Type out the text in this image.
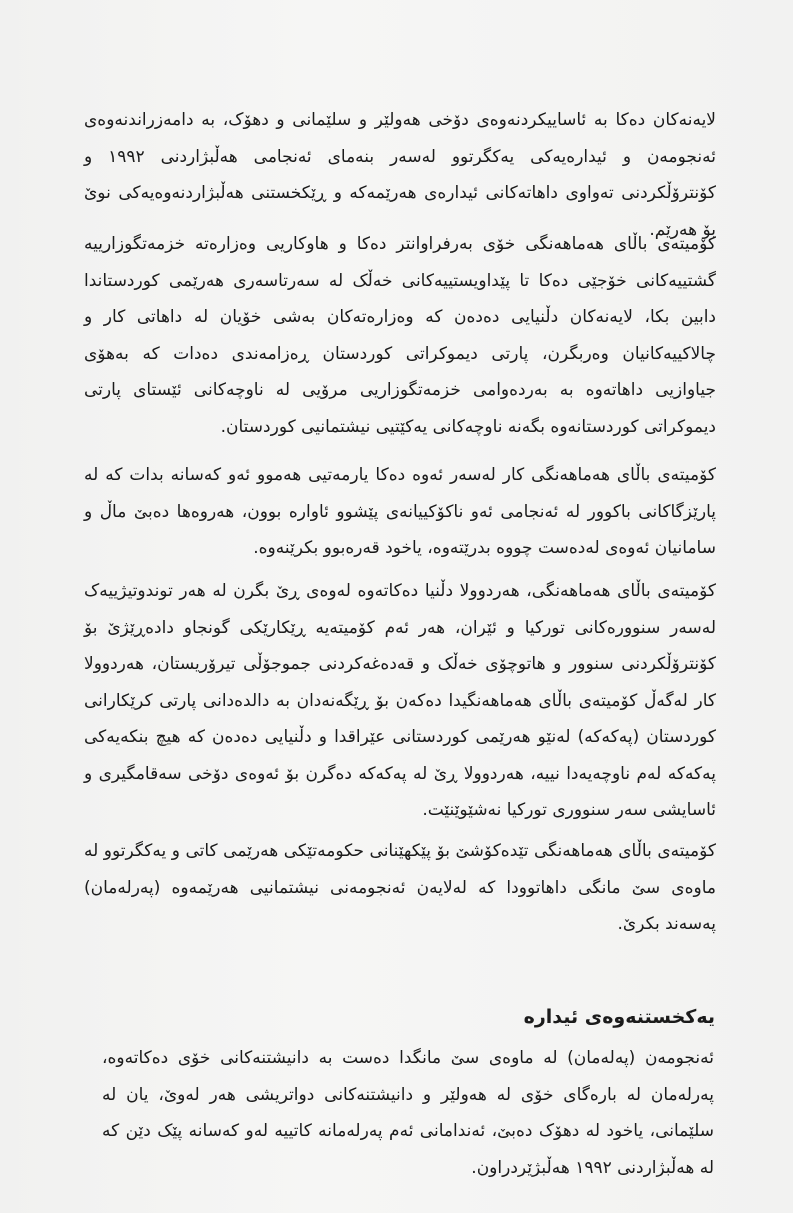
لایەنەکان دەکا بە ئاساییکردنەوەی دۆخی هەولێر و سلێمانی و دهۆک، بە دامەزراندنەوەی ئەنجومەن و ئیدارەیەکی یەکگرتوو لەسەر بنەمای ئەنجامی هەڵبژاردنی ١٩٩٢ و کۆنترۆڵکردنی تەواوی داهاتەکانی ئیدارەی هەرێمەکە و ڕێکخستنی هەڵبژاردنەوەیەکی نوێ بۆ هەرێم.

کۆمیتەی باڵای هەماهەنگی خۆی بەرفراوانتر دەکا و هاوکاریی وەزارەتە خزمەتگوزارییە گشتییەکانی خۆجێی دەکا تا پێداویستییەکانی خەڵک لە سەرتاسەری هەرێمی کوردستاندا دابین بکا، لایەنەکان دڵنیایی دەدەن کە وەزارەتەکان بەشی خۆیان لە داهاتی کار و چالاکییەکانیان وەربگرن، پارتی دیموکراتی کوردستان ڕەزامەندی دەدات کە بەهۆی جیاوازیی داهاتەوە بە بەردەوامی خزمەتگوزاریی مرۆیی لە ناوچەکانی ئێستای پارتی دیموکراتی کوردستانەوە بگەنە ناوچەکانی یەکێتیی نیشتمانیی کوردستان.

کۆمیتەی باڵای هەماهەنگی کار لەسەر ئەوە دەکا یارمەتیی هەموو ئەو کەسانە بدات کە لە پارێزگاکانی باکوور لە ئەنجامی ئەو ناکۆکییانەی پێشوو ئاوارە بوون، هەروەها دەبێ ماڵ و سامانیان ئەوەی لەدەست چووە بدرێتەوە، یاخود قەرەبوو بکرێنەوە.

کۆمیتەی باڵای هەماهەنگی، هەردوولا دڵنیا دەکاتەوە لەوەی ڕێ بگرن لە هەر توندوتیژییەک لەسەر سنوورەکانی تورکیا و ئێران، هەر ئەم کۆمیتەیە ڕێکارێکی گونجاو دادەڕێژێ بۆ کۆنترۆڵکردنی سنوور و هاتوچۆی خەڵک و قەدەغەکردنی جموجۆڵی تیرۆریستان، هەردوولا کار لەگەڵ کۆمیتەی باڵای هەماهەنگیدا دەکەن بۆ ڕێگەنەدان بە دالدەدانی پارتی کرێکارانی کوردستان (پەکەکە) لەنێو هەرێمی کوردستانی عێراقدا و دڵنیایی دەدەن کە هیچ بنکەیەکی پەکەکە لەم ناوچەیەدا نییە، هەردوولا ڕێ لە پەکەکە دەگرن بۆ ئەوەی دۆخی سەقامگیری و ئاسایشی سەر سنووری تورکیا نەشێوێنێت.

کۆمیتەی باڵای هەماهەنگی تێدەکۆشێ بۆ پێکهێنانی حکومەتێکی هەرێمی کاتی و یەکگرتوو لە ماوەی سێ مانگی داهاتوودا کە لەلایەن ئەنجومەنی نیشتمانیی هەرێمەوە (پەرلەمان) پەسەند بکرێ.

یەکخستنەوەی ئیدارە

ئەنجومەن (پەلەمان) لە ماوەی سێ مانگدا دەست بە دانیشتنەکانی خۆی دەکاتەوە، پەرلەمان لە بارەگای خۆی لە هەولێر و دانیشتنەکانی دواتریشی هەر لەوێ، یان لە سلێمانی، یاخود لە دهۆک دەبێ، ئەندامانی ئەم پەرلەمانە کاتییە لەو کەسانە پێک دێن کە لە هەڵبژاردنی ١٩٩٢ هەڵبژێردراون.
